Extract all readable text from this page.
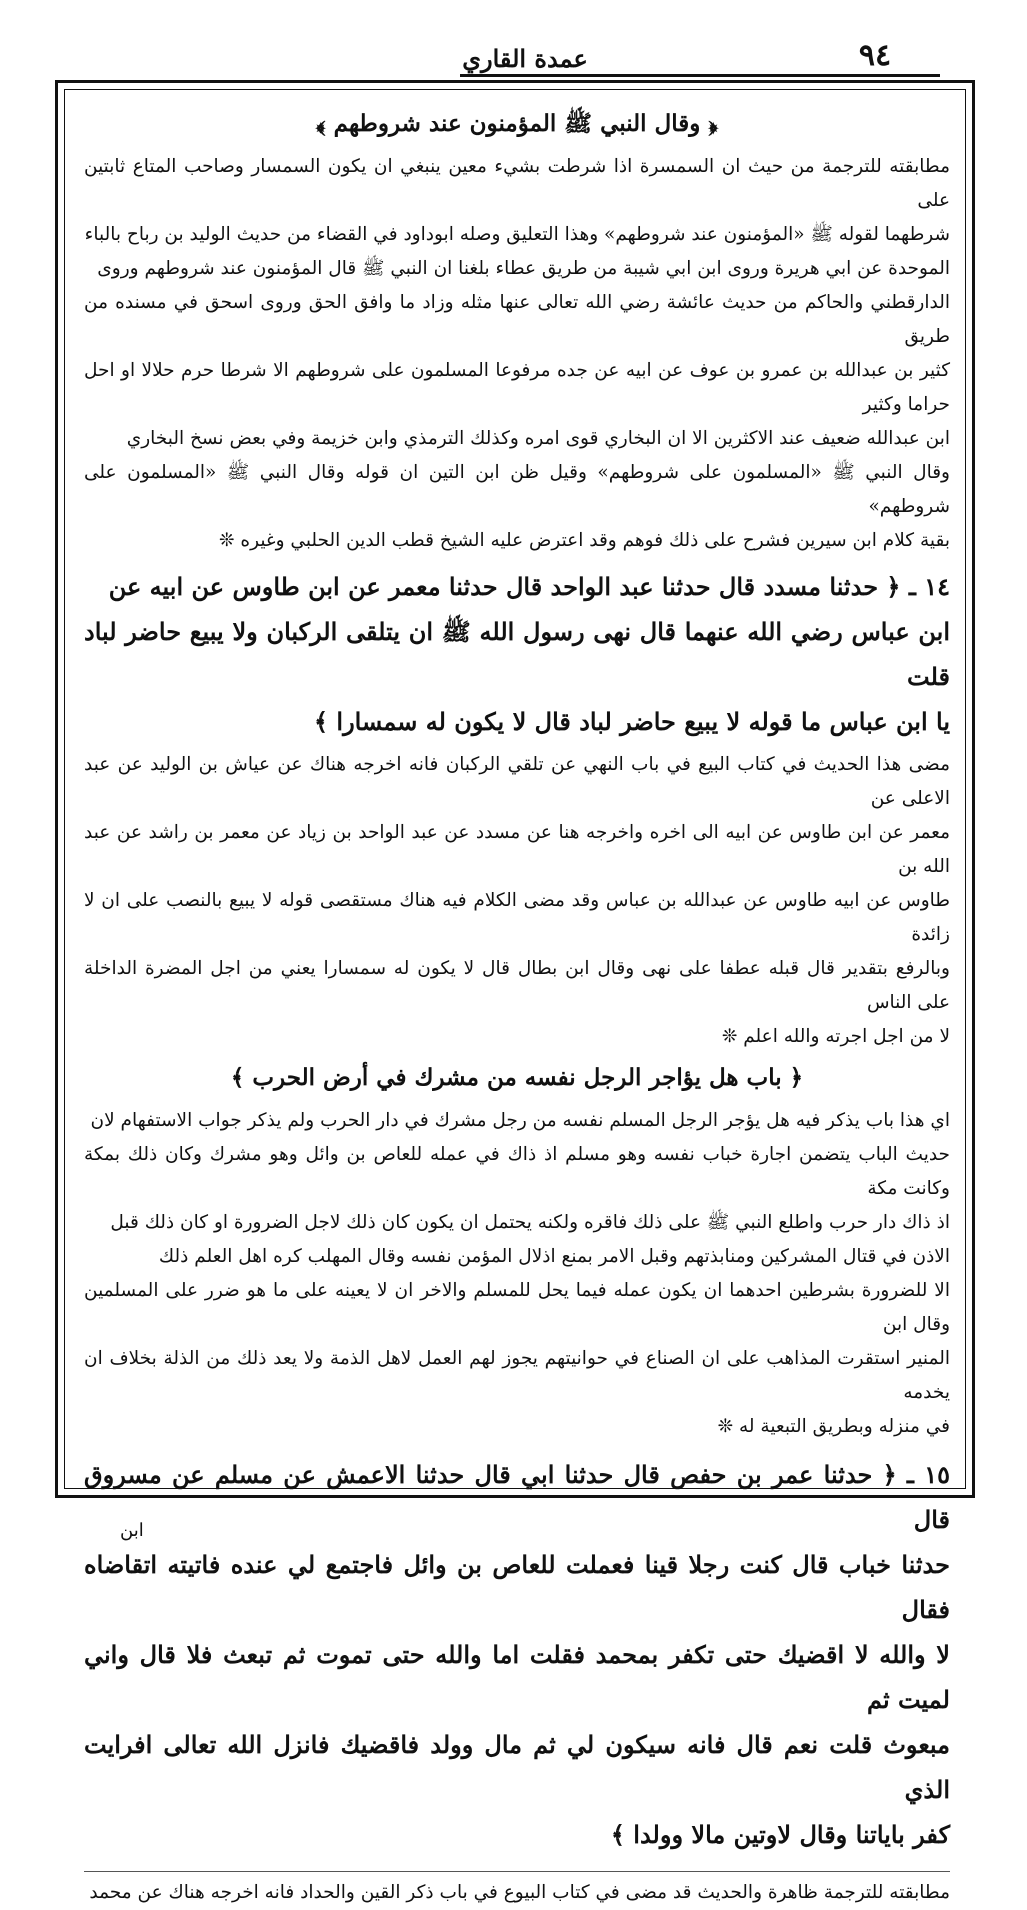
عمدة القاري	٩٤
﴿ وقال النبي ﷺ المؤمنون عند شروطهم ﴾

مطابقته للترجمة من حيث ان السمسرة اذا شرطت بشيء معين ينبغي ان يكون السمسار وصاحب المتاع ثابتين على

شرطهما لقوله ﷺ «المؤمنون عند شروطهم» وهذا التعليق وصله ابوداود في القضاء من حديث الوليد بن رباح بالباء

الموحدة عن ابي هريرة وروى ابن ابي شيبة من طريق عطاء بلغنا ان النبي ﷺ قال المؤمنون عند شروطهم وروى

الدارقطني والحاكم من حديث عائشة رضي الله تعالى عنها مثله وزاد ما وافق الحق وروى اسحق في مسنده من طريق

كثير بن عبدالله بن عمرو بن عوف عن ابيه عن جده مرفوعا المسلمون على شروطهم الا شرطا حرم حلالا او احل حراما وكثير

ابن عبدالله ضعيف عند الاكثرين الا ان البخاري قوى امره وكذلك الترمذي وابن خزيمة وفي بعض نسخ البخاري

وقال النبي ﷺ «المسلمون على شروطهم» وقيل ظن ابن التين ان قوله وقال النبي ﷺ «المسلمون على شروطهم»

بقية كلام ابن سيرين فشرح على ذلك فوهم وقد اعترض عليه الشيخ قطب الدين الحلبي وغيره ❊

١٤ ـ ﴿ حدثنا مسدد قال حدثنا عبد الواحد قال حدثنا معمر عن ابن طاوس عن ابيه عن

ابن عباس رضي الله عنهما قال نهى رسول الله ﷺ ان يتلقى الركبان ولا يبيع حاضر لباد قلت

يا ابن عباس ما قوله لا يبيع حاضر لباد قال لا يكون له سمسارا ﴾

مضى هذا الحديث في كتاب البيع في باب النهي عن تلقي الركبان فانه اخرجه هناك عن عياش بن الوليد عن عبد الاعلى عن

معمر عن ابن طاوس عن ابيه الى اخره واخرجه هنا عن مسدد عن عبد الواحد بن زياد عن معمر بن راشد عن عبد الله بن

طاوس عن ابيه طاوس عن عبدالله بن عباس وقد مضى الكلام فيه هناك مستقصى قوله لا يبيع بالنصب على ان لا زائدة

وبالرفع بتقدير قال قبله عطفا على نهى وقال ابن بطال قال لا يكون له سمسارا يعني من اجل المضرة الداخلة على الناس

لا من اجل اجرته والله اعلم ❊

﴿ باب هل يؤاجر الرجل نفسه من مشرك في أرض الحرب ﴾

اي هذا باب يذكر فيه هل يؤجر الرجل المسلم نفسه من رجل مشرك في دار الحرب ولم يذكر جواب الاستفهام لان

حديث الباب يتضمن اجارة خباب نفسه وهو مسلم اذ ذاك في عمله للعاص بن وائل وهو مشرك وكان ذلك بمكة وكانت مكة

اذ ذاك دار حرب واطلع النبي ﷺ على ذلك فاقره ولكنه يحتمل ان يكون كان ذلك لاجل الضرورة او كان ذلك قبل

الاذن في قتال المشركين ومنابذتهم وقبل الامر بمنع اذلال المؤمن نفسه وقال المهلب كره اهل العلم ذلك

الا للضرورة بشرطين احدهما ان يكون عمله فيما يحل للمسلم والاخر ان لا يعينه على ما هو ضرر على المسلمين وقال ابن

المنير استقرت المذاهب على ان الصناع في حوانيتهم يجوز لهم العمل لاهل الذمة ولا يعد ذلك من الذلة بخلاف ان يخدمه

في منزله وبطريق التبعية له ❊

١٥ ـ ﴿ حدثنا عمر بن حفص قال حدثنا ابي قال حدثنا الاعمش عن مسلم عن مسروق قال

حدثنا خباب قال كنت رجلا قينا فعملت للعاص بن وائل فاجتمع لي عنده فاتيته اتقاضاه فقال

لا والله لا اقضيك حتى تكفر بمحمد فقلت اما والله حتى تموت ثم تبعث فلا قال واني لميت ثم

مبعوث قلت نعم قال فانه سيكون لي ثم مال وولد فاقضيك فانزل الله تعالى افرايت الذي

كفر باياتنا وقال لاوتين مالا وولدا ﴾

مطابقته للترجمة ظاهرة والحديث قد مضى في كتاب البيوع في باب ذكر القين والحداد فانه اخرجه هناك عن محمد

ابن
